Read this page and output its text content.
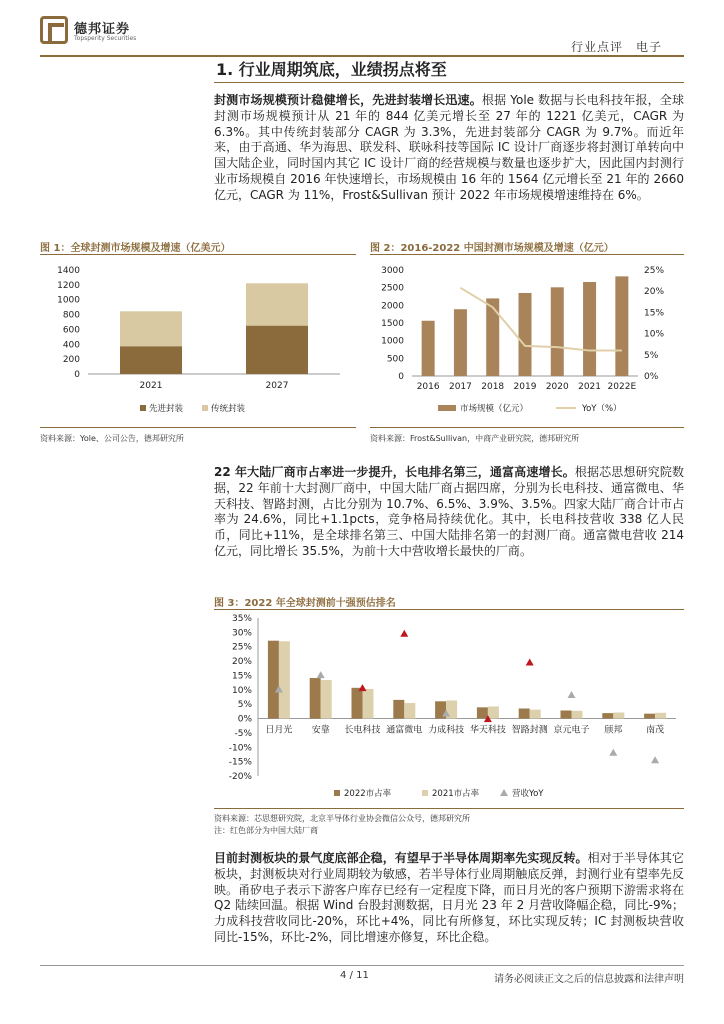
德邦证券
Topsperity Securities
行业点评　电子
1. 行业周期筑底，业绩拐点将至
封测市场规模预计稳健增长，先进封装增长迅速。根据 Yole 数据与长电科技年报，全球封测市场规模预计从 21 年的 844 亿美元增长至 27 年的 1221 亿美元，CAGR 为 6.3%。其中传统封装部分 CAGR 为 3.3%，先进封装部分 CAGR 为 9.7%。而近年来，由于高通、华为海思、联发科、联咏科技等国际 IC 设计厂商逐步将封测订单转向中国大陆企业，同时国内其它 IC 设计厂商的经营规模与数量也逐步扩大，因此国内封测行业市场规模自 2016 年快速增长，市场规模由 16 年的 1564 亿元增长至 21 年的 2660 亿元，CAGR 为 11%，Frost&Sullivan 预计 2022 年市场规模增速维持在 6%。
图 1：全球封测市场规模及增速（亿美元）
0
200
400
600
800
1000
1200
1400
2021	2027
先进封装	传统封装
资料来源：Yole、公司公告，德邦研究所
图 2：2016-2022 中国封测市场规模及增速（亿元）
0
500
1000
1500
2000
2500
3000
0%
5%
10%
15%
20%
25%
2016 2017 2018 2019 2020 2021 2022E
市场规模（亿元）	YoY（%）
资料来源：Frost&Sullivan，中商产业研究院，德邦研究所
22 年大陆厂商市占率进一步提升，长电排名第三，通富高速增长。根据芯思想研究院数据，22 年前十大封测厂商中，中国大陆厂商占据四席，分别为长电科技、通富微电、华天科技、智路封测，占比分别为 10.7%、6.5%、3.9%、3.5%。四家大陆厂商合计市占率为 24.6%，同比+1.1pcts，竞争格局持续优化。其中，长电科技营收 338 亿人民币，同比+11%，是全球排名第三、中国大陆排名第一的封测厂商。通富微电营收 214 亿元，同比增长 35.5%，为前十大中营收增长最快的厂商。
图 3：2022 年全球封测前十强预估排名
35%
30%
25%
20%
15%
10%
5%
0%
-5%
-10%
-15%
-20%
日月光 安靠 长电科技 通富微电 力成科技 华天科技 智路封测 京元电子 颀邦	南茂
2022市占率	2021市占率	营收YoY
资料来源：芯思想研究院，北京半导体行业协会微信公众号，德邦研究所
注：红色部分为中国大陆厂商
目前封测板块的景气度底部企稳，有望早于半导体周期率先实现反转。相对于半导体其它板块，封测板块对行业周期较为敏感，若半导体行业周期触底反弹，封测行业有望率先反映。甬矽电子表示下游客户库存已经有一定程度下降，而日月光的客户预期下游需求将在 Q2 陆续回温。根据 Wind 台股封测数据，日月光 23 年 2 月营收降幅企稳，同比-9%；力成科技营收同比-20%，环比+4%，同比有所修复，环比实现反转；IC 封测板块营收同比-15%，环比-2%，同比增速亦修复，环比企稳。
4 / 11	请务必阅读正文之后的信息披露和法律声明
